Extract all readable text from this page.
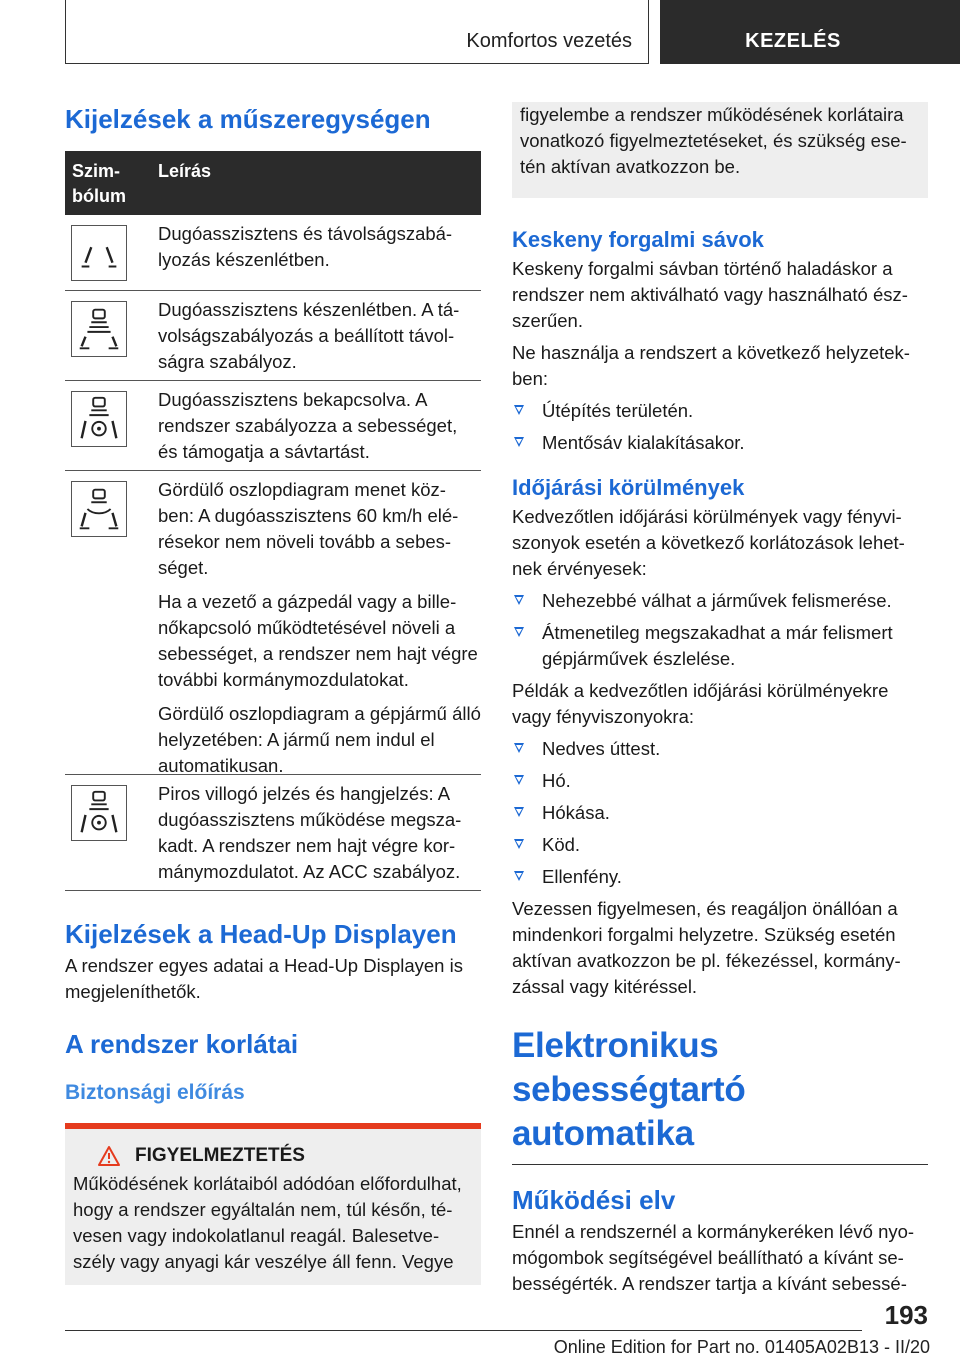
Komfortos vezetés	KEZELÉS
Kijelzések a műszeregységen
Szim-
bólum
Leírás

Dugóasszisztens és távolságszabá-lyozás készenlétben.

Dugóasszisztens készenlétben. A tá-volságszabályozás a beállított távol-ságra szabályoz.

Dugóasszisztens bekapcsolva. A rendszer szabályozza a sebességet, és támogatja a sávtartást.

Gördülő oszlopdiagram menet köz-ben: A dugóasszisztens 60 km/h elé-résekor nem növeli tovább a sebes-séget.

Ha a vezető a gázpedál vagy a bille-nőkapcsoló működtetésével növeli a sebességet, a rendszer nem hajt végre további kormánymozdulatokat.

Gördülő oszlopdiagram a gépjármű álló helyzetében: A jármű nem indul el automatikusan.

Piros villogó jelzés és hangjelzés: A dugóasszisztens működése megsza-kadt. A rendszer nem hajt végre kor-mánymozdulatot. Az ACC szabályoz.

Kijelzések a Head-Up Displayen

A rendszer egyes adatai a Head-Up Displayen is megjeleníthetők.

A rendszer korlátai
Biztonsági előírás
FIGYELMEZTETÉS

Működésének korlátaiból adódóan előfordulhat, hogy a rendszer egyáltalán nem, túl későn, té-vesen vagy indokolatlanul reagál. Balesetve-szély vagy anyagi kár veszélye áll fenn. Vegye

figyelembe a rendszer működésének korlátaira vonatkozó figyelmeztetéseket, és szükség ese-tén aktívan avatkozzon be.

Keskeny forgalmi sávok

Keskeny forgalmi sávban történő haladáskor a rendszer nem aktiválható vagy használható ész-szerűen.

Ne használja a rendszert a következő helyzetek-ben:

Útépítés területén.
Mentősáv kialakításakor.
Időjárási körülmények

Kedvezőtlen időjárási körülmények vagy fényvi-szonyok esetén a következő korlátozások lehet-nek érvényesek:

Nehezebbé válhat a járművek felismerése.
Átmenetileg megszakadhat a már felismert gépjárművek észlelése.

Példák a kedvezőtlen időjárási körülményekre vagy fényviszonyokra:

Nedves úttest.
Hó.
Hókása.
Köd.
Ellenfény.

Vezessen figyelmesen, és reagáljon önállóan a mindenkori forgalmi helyzetre. Szükség esetén aktívan avatkozzon be pl. fékezéssel, kormány-zással vagy kitéréssel.

Elektronikus sebességtartó automatika
Működési elv

Ennél a rendszernél a kormánykeréken lévő nyo-mógombok segítségével beállítható a kívánt se-bességérték. A rendszer tartja a kívánt sebessé-

193
Online Edition for Part no. 01405A02B13 - II/20
